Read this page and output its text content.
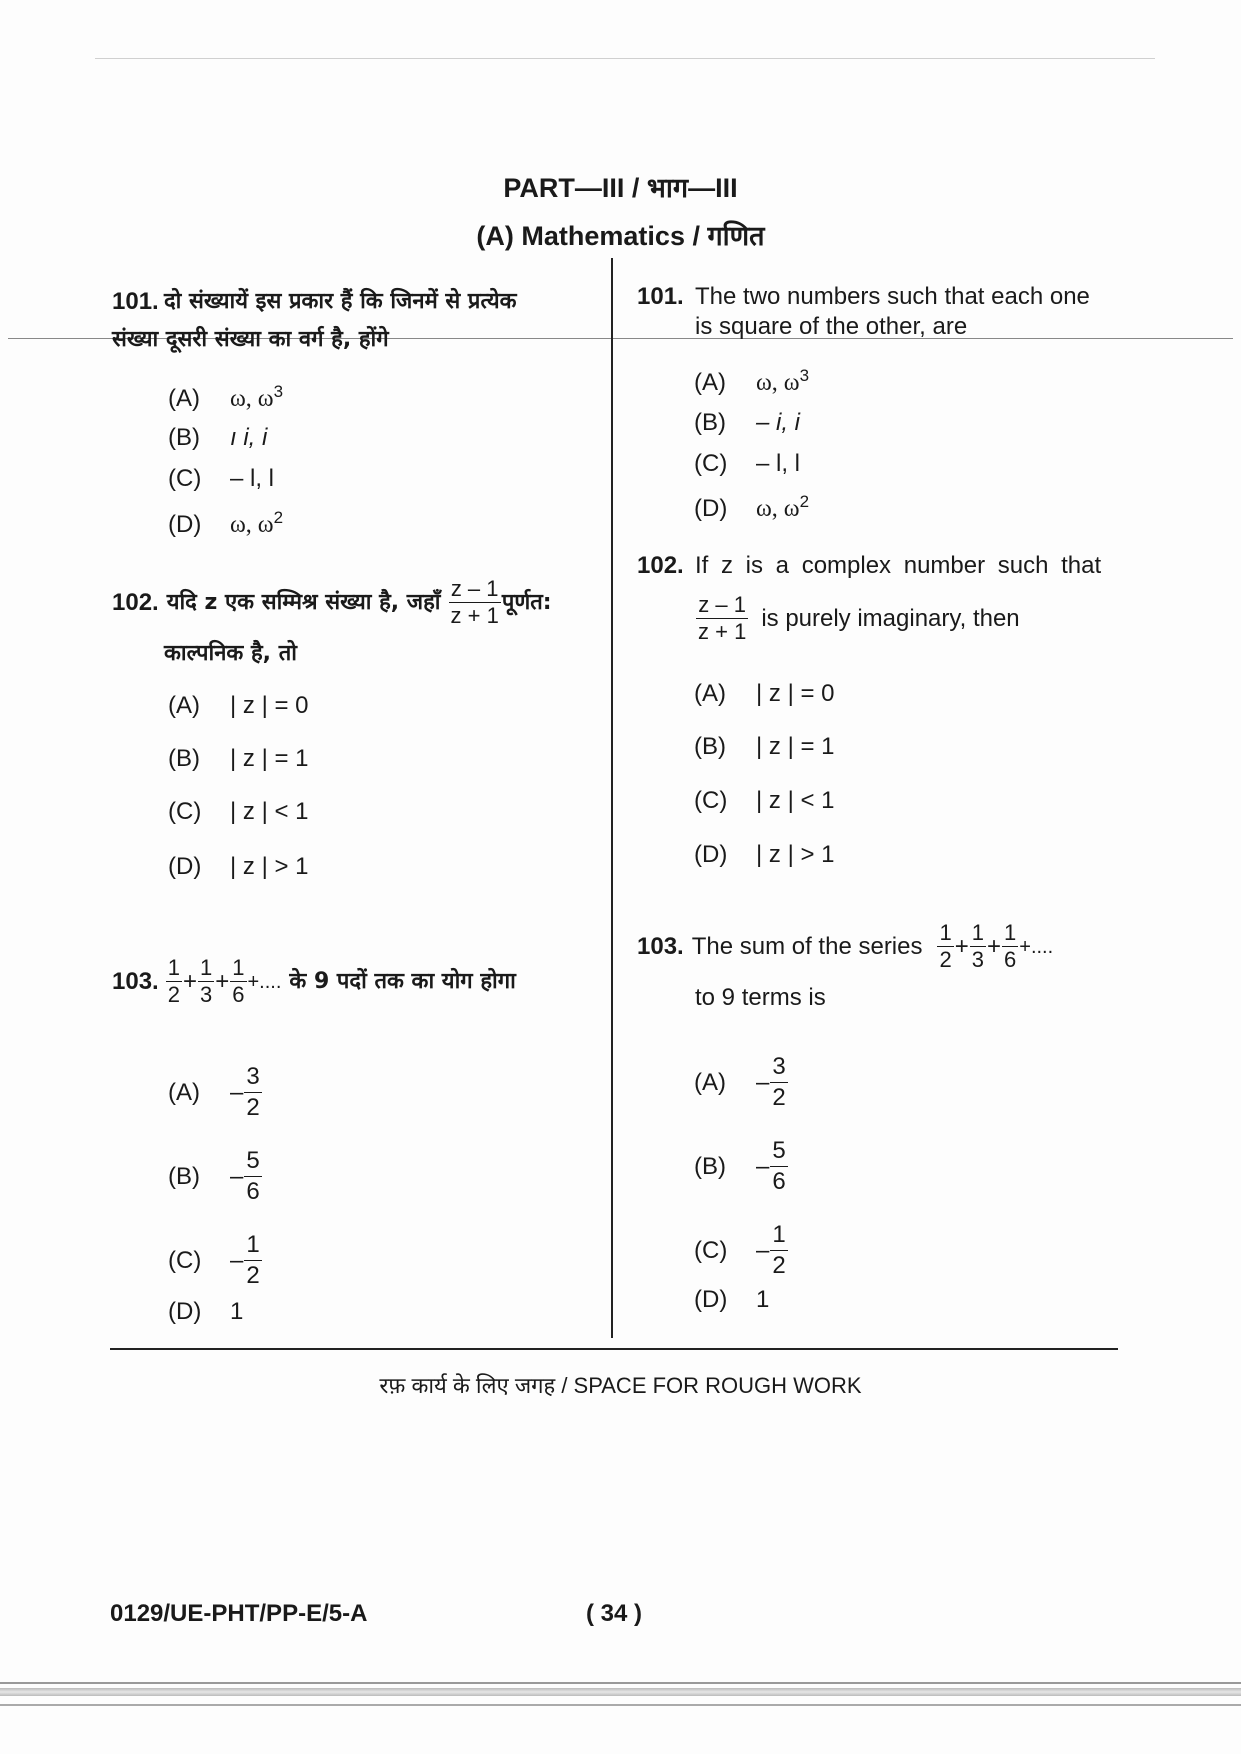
PART—III / भाग—III
(A) Mathematics / गणित
101. दो संख्यायें इस प्रकार हैं कि जिनमें से प्रत्येक
संख्या दूसरी संख्या का वर्ग है, होंगे
(A) ω, $\omega^3$
(B) ı i, i
(C) – l, l
(D) ω, $\omega^2$
102. यदि z एक सम्मिश्र संख्या है, जहाँ $\frac{z - 1}{z + 1}$ पूर्णत:
काल्पनिक है, तो
(A) | z | = 0
(B) | z | = 1
(C) | z | < 1
(D) | z | > 1
103. $\frac{1}{2} + \frac{1}{3} + \frac{1}{6}$ +.... के 9 पदों तक का योग होगा
(A)	– $\frac{3}{2}$
(B)	– $\frac{5}{6}$
(C)	– $\frac{1}{2}$
(D) 1
101. The two numbers such that each one
is square of the other, are
(A) ω, $\omega^3$
(B) – i, i
(C) – l, l
(D) ω, $\omega^2$
102. If z is a complex number such that
$\frac{z - 1}{z + 1}$ is purely imaginary, then
(A) | z | = 0
(B) | z | = 1
(C) | z | < 1
(D) | z | > 1
103. The sum of the series $\frac{1}{2} + \frac{1}{3} + \frac{1}{6}$ +....
to 9 terms is
(A)	– $\frac{3}{2}$
(B)	– $\frac{5}{6}$
(C)	– $\frac{1}{2}$
(D) 1
रफ़ कार्य के लिए जगह / SPACE FOR ROUGH WORK
0129/UE-PHT/PP-E/5-A	( 34 )
